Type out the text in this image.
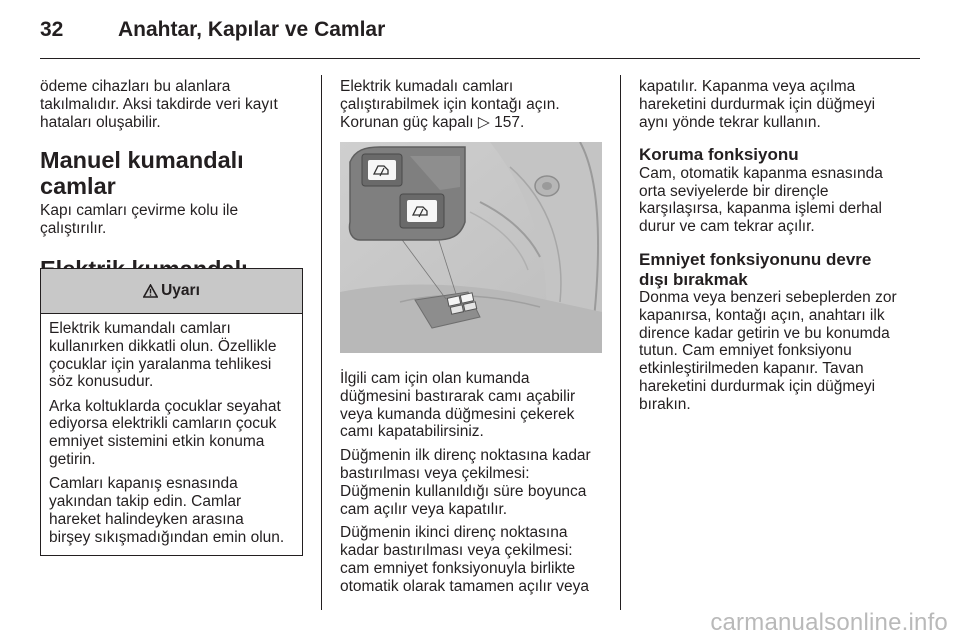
32	Anahtar, Kapılar ve Camlar

ödeme cihazları bu alanlara
takılmalıdır. Aksi takdirde veri kayıt
hataları oluşabilir.

Manuel kumandalı camlar

Kapı camları çevirme kolu ile
çalıştırılır.

Uyarı

Elektrik kumandalı camları
kullanırken dikkatli olun. Özellikle
çocuklar için yaralanma tehlikesi
söz konusudur.

Arka koltuklarda çocuklar seyahat
ediyorsa elektrikli camların çocuk
emniyet sistemini etkin konuma
getirin.

Camları kapanış esnasında
yakından takip edin. Camlar
hareket halindeyken arasına
birşey sıkışmadığından emin olun.

Elektrik kumadalı camları
çalıştırabilmek için kontağı açın.
Korunan güç kapalı ▷ 157.

İlgili cam için olan kumanda
düğmesini bastırarak camı açabilir
veya kumanda düğmesini çekerek
camı kapatabilirsiniz.

Düğmenin ilk direnç noktasına kadar
bastırılması veya çekilmesi:
Düğmenin kullanıldığı süre boyunca
cam açılır veya kapatılır.

Düğmenin ikinci direnç noktasına
kadar bastırılması veya çekilmesi:
cam emniyet fonksiyonuyla birlikte
otomatik olarak tamamen açılır veya

kapatılır. Kapanma veya açılma
hareketini durdurmak için düğmeyi
aynı yönde tekrar kullanın.

Koruma fonksiyonu

Cam, otomatik kapanma esnasında
orta seviyelerde bir dirençle
karşılaşırsa, kapanma işlemi derhal
durur ve cam tekrar açılır.

Emniyet fonksiyonunu devre
dışı bırakmak

Donma veya benzeri sebeplerden zor
kapanırsa, kontağı açın, anahtarı ilk
dirence kadar getirin ve bu konumda
tutun. Cam emniyet fonksiyonu
etkinleştirilmeden kapanır. Tavan
hareketini durdurmak için düğmeyi
bırakın.

carmanualsonline.info
